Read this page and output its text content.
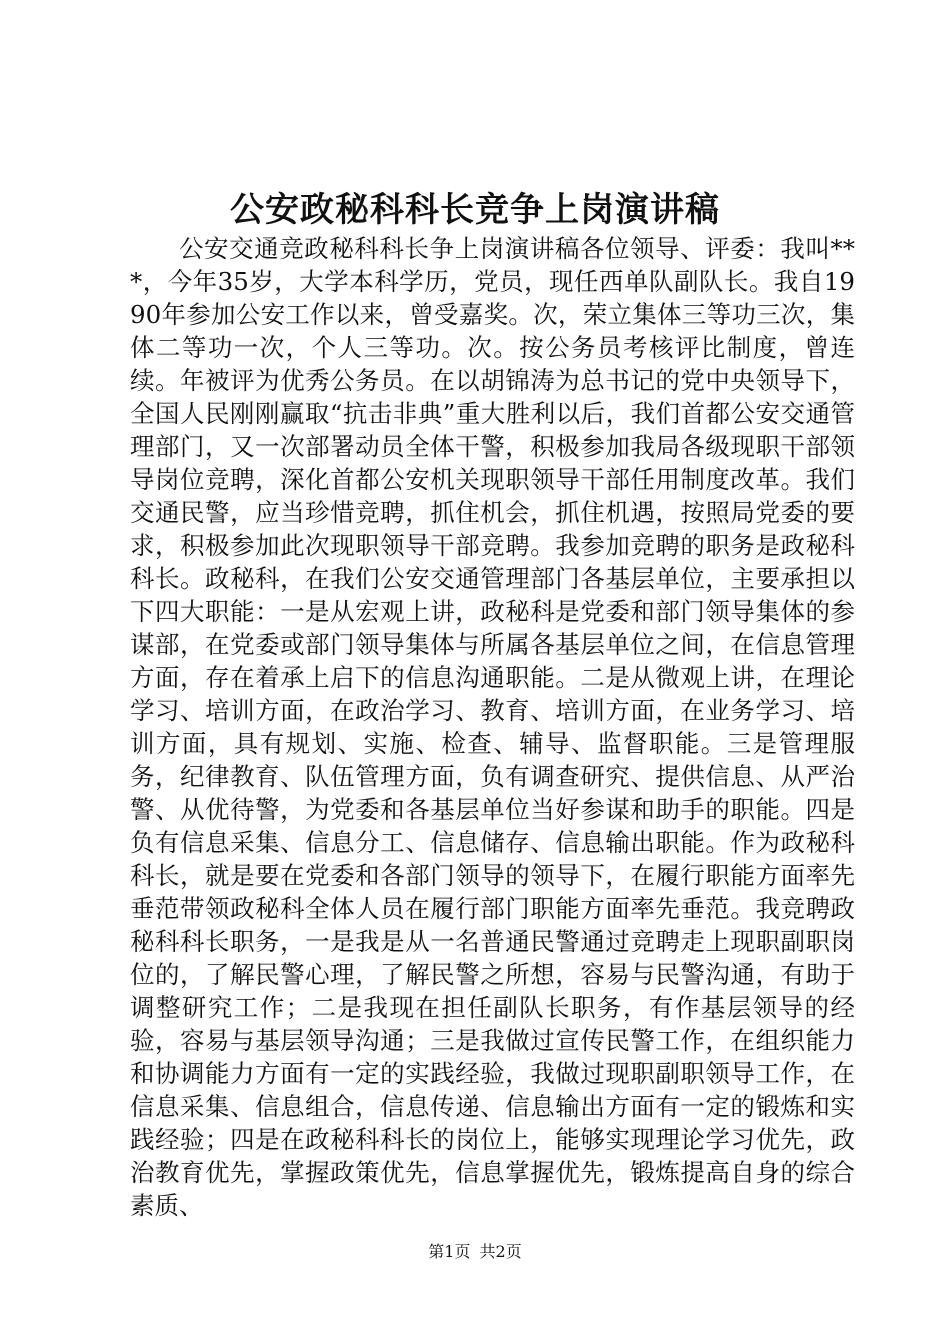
公安政秘科科长竞争上岗演讲稿

公安交通竞政秘科科长争上岗演讲稿各位领导、评委：我叫***，今年35岁，大学本科学历，党员，现任西单队副队长。我自1990年参加公安工作以来，曾受嘉奖。次，荣立集体三等功三次，集体二等功一次，个人三等功。次。按公务员考核评比制度，曾连续。年被评为优秀公务员。在以胡锦涛为总书记的党中央领导下，全国人民刚刚赢取“抗击非典”重大胜利以后，我们首都公安交通管理部门，又一次部署动员全体干警，积极参加我局各级现职干部领导岗位竞聘，深化首都公安机关现职领导干部任用制度改革。我们交通民警，应当珍惜竞聘，抓住机会，抓住机遇，按照局党委的要求，积极参加此次现职领导干部竞聘。我参加竞聘的职务是政秘科科长。政秘科，在我们公安交通管理部门各基层单位，主要承担以下四大职能：一是从宏观上讲，政秘科是党委和部门领导集体的参谋部，在党委或部门领导集体与所属各基层单位之间，在信息管理方面，存在着承上启下的信息沟通职能。二是从微观上讲，在理论学习、培训方面，在政治学习、教育、培训方面，在业务学习、培训方面，具有规划、实施、检查、辅导、监督职能。三是管理服务，纪律教育、队伍管理方面，负有调查研究、提供信息、从严治警、从优待警，为党委和各基层单位当好参谋和助手的职能。四是负有信息采集、信息分工、信息储存、信息输出职能。作为政秘科科长，就是要在党委和各部门领导的领导下，在履行职能方面率先垂范带领政秘科全体人员在履行部门职能方面率先垂范。我竞聘政秘科科长职务，一是我是从一名普通民警通过竞聘走上现职副职岗位的，了解民警心理，了解民警之所想，容易与民警沟通，有助于调整研究工作；二是我现在担任副队长职务，有作基层领导的经验，容易与基层领导沟通；三是我做过宣传民警工作，在组织能力和协调能力方面有一定的实践经验，我做过现职副职领导工作，在信息采集、信息组合，信息传递、信息输出方面有一定的锻炼和实践经验；四是在政秘科科长的岗位上，能够实现理论学习优先，政治教育优先，掌握政策优先，信息掌握优先，锻炼提高自身的综合素质、

第1页 共2页
